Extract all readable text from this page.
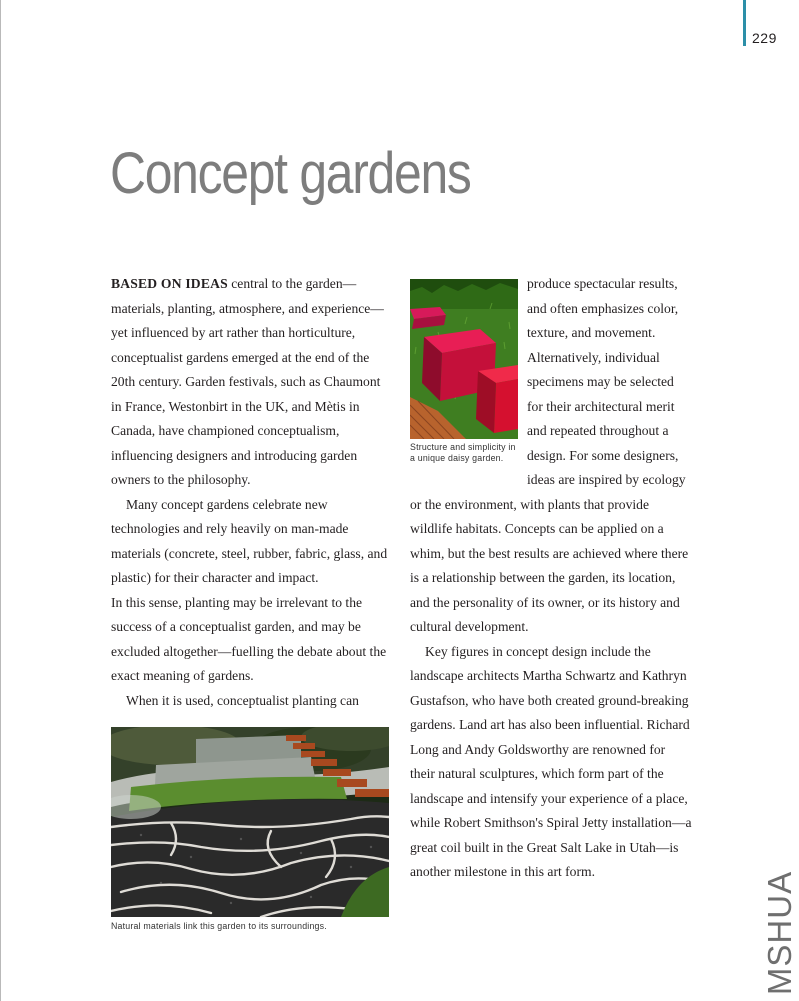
229
Concept gardens

BASED ON IDEAS central to the garden—materials, planting, atmosphere, and experience—yet influenced by art rather than horticulture, conceptualist gardens emerged at the end of the 20th century. Garden festivals, such as Chaumont in France, Westonbirt in the UK, and Mètis in Canada, have championed conceptualism, influencing designers and introducing garden owners to the philosophy.

Many concept gardens celebrate new technologies and rely heavily on man-made materials (concrete, steel, rubber, fabric, glass, and plastic) for their character and impact.

In this sense, planting may be irrelevant to the success of a conceptualist garden, and may be excluded altogether—fuelling the debate about the exact meaning of gardens.

When it is used, conceptualist planting can

Structure and simplicity in a unique daisy garden.

produce spectacular results, and often emphasizes color, texture, and movement. Alternatively, individual specimens may be selected for their architectural merit and repeated throughout a design. For some designers, ideas are inspired by ecology or the environment, with plants that provide wildlife habitats. Concepts can be applied on a whim, but the best results are achieved where there is a relationship between the garden, its location, and the personality of its owner, or its history and cultural development.

Key figures in concept design include the landscape architects Martha Schwartz and Kathryn Gustafson, who have both created ground-breaking gardens. Land art has also been influential. Richard Long and Andy Goldsworthy are renowned for their natural sculptures, which form part of the landscape and intensify your experience of a place, while Robert Smithson's Spiral Jetty installation—a great coil built in the Great Salt Lake in Utah—is another milestone in this art form.

Natural materials link this garden to its surroundings.	MSHUA
